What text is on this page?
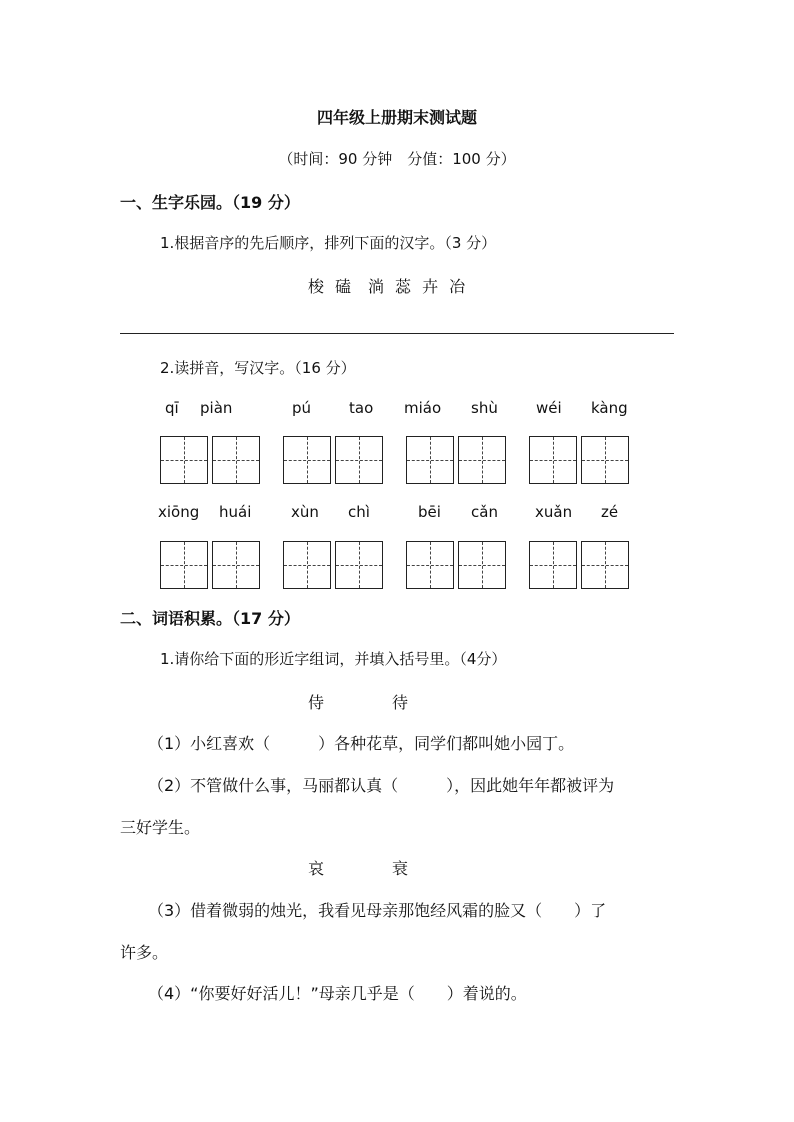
四年级上册期末测试题
（时间：90 分钟　分值：100 分）
一、生字乐园。（19 分）
1.根据音序的先后顺序，排列下面的汉字。（3 分）
梭 磕 淌 蕊 卉 冶
2.读拼音，写汉字。（16 分）
qī piàn	pú	tao miáo shù	wéi kàng
xiōng huái	xùn chì	bēi cǎn xuǎn zé
二、词语积累。（17 分）
1.请你给下面的形近字组词，并填入括号里。（4分）
侍	待
（1）小红喜欢（　　　）各种花草，同学们都叫她小园丁。
（2）不管做什么事，马丽都认真（　　　），因此她年年都被评为
三好学生。
哀	衰
（3）借着微弱的烛光，我看见母亲那饱经风霜的脸又（　　）了
许多。
（4）“你要好好活儿！”母亲几乎是（　　）着说的。
